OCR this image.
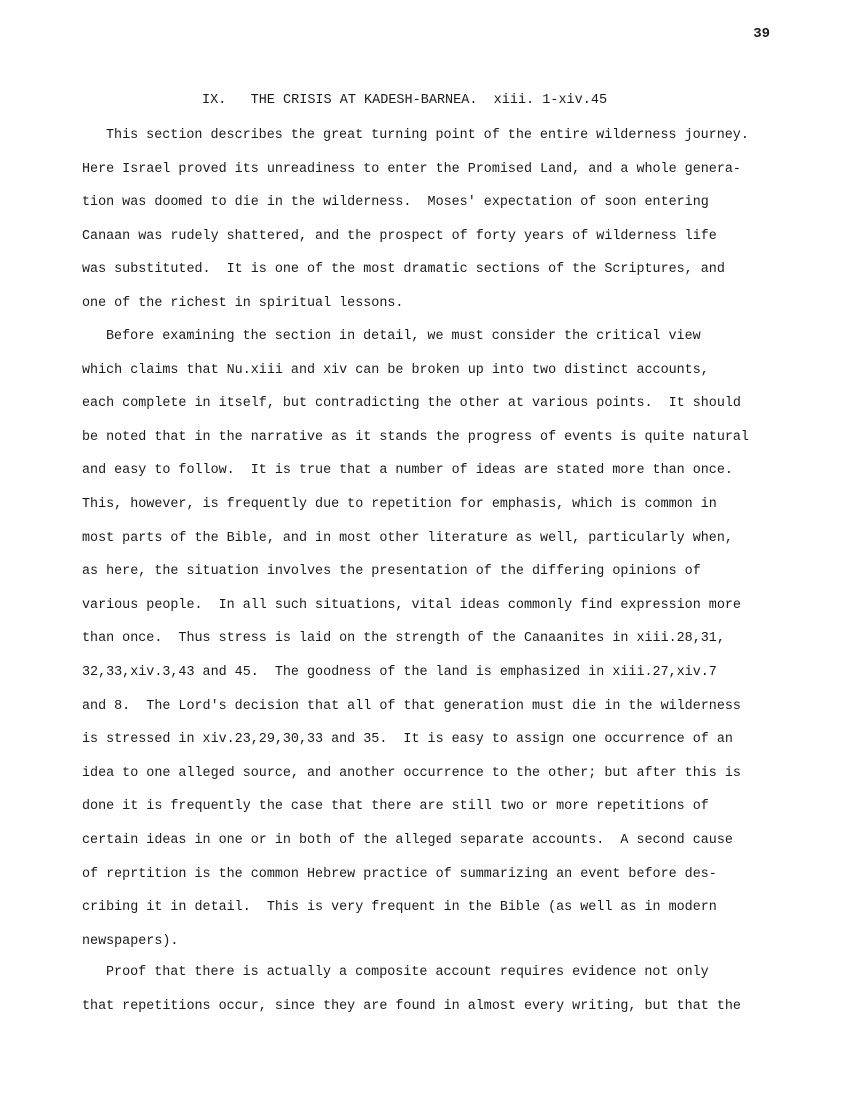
39
IX.   THE CRISIS AT KADESH-BARNEA.  xiii. 1-xiv.45
This section describes the great turning point of the entire wilderness journey.
Here Israel proved its unreadiness to enter the Promised Land, and a whole genera-
tion was doomed to die in the wilderness.  Moses' expectation of soon entering
Canaan was rudely shattered, and the prospect of forty years of wilderness life
was substituted.  It is one of the most dramatic sections of the Scriptures, and
one of the richest in spiritual lessons.
Before examining the section in detail, we must consider the critical view
which claims that Nu.xiii and xiv can be broken up into two distinct accounts,
each complete in itself, but contradicting the other at various points.  It should
be noted that in the narrative as it stands the progress of events is quite natural
and easy to follow.  It is true that a number of ideas are stated more than once.
This, however, is frequently due to repetition for emphasis, which is common in
most parts of the Bible, and in most other literature as well, particularly when,
as here, the situation involves the presentation of the differing opinions of
various people.  In all such situations, vital ideas commonly find expression more
than once.  Thus stress is laid on the strength of the Canaanites in xiii.28,31,
32,33,xiv.3,43 and 45.  The goodness of the land is emphasized in xiii.27,xiv.7
and 8.  The Lord's decision that all of that generation must die in the wilderness
is stressed in xiv.23,29,30,33 and 35.  It is easy to assign one occurrence of an
idea to one alleged source, and another occurrence to the other; but after this is
done it is frequently the case that there are still two or more repetitions of
certain ideas in one or in both of the alleged separate accounts.  A second cause
of reprtition is the common Hebrew practice of summarizing an event before des-
cribing it in detail.  This is very frequent in the Bible (as well as in modern
newspapers).
Proof that there is actually a composite account requires evidence not only
that repetitions occur, since they are found in almost every writing, but that the
